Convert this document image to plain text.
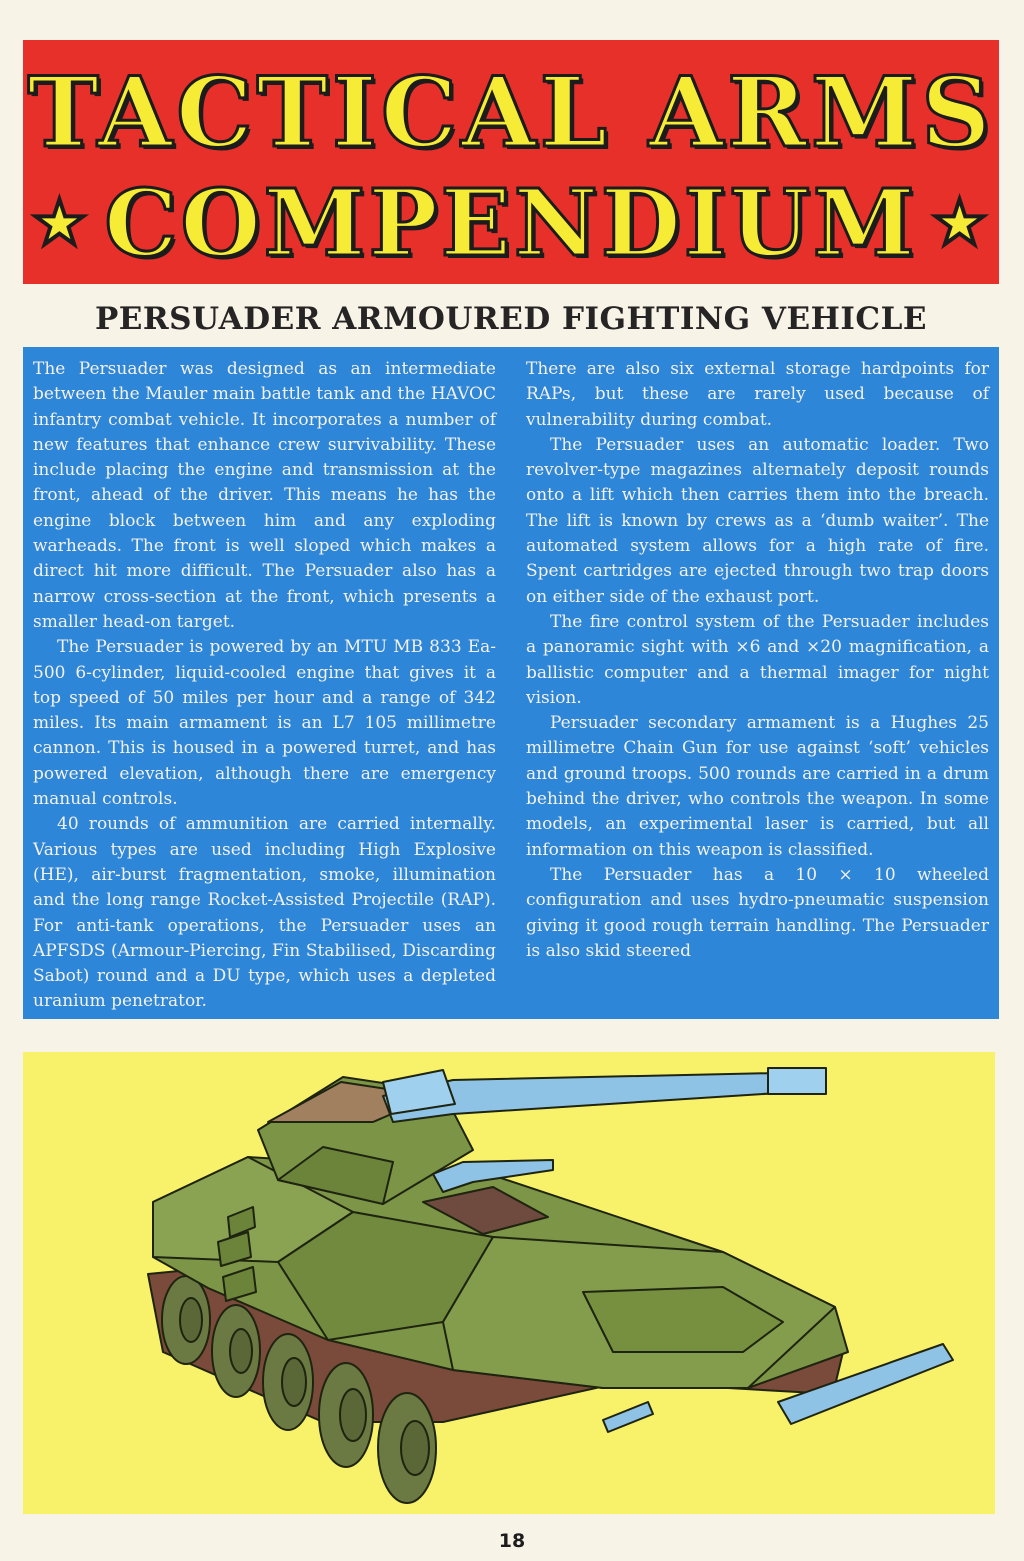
TACTICAL ARMS
★ COMPENDIUM ★
PERSUADER ARMOURED FIGHTING VEHICLE

The Persuader was designed as an intermediate between the Mauler main battle tank and the HAVOC infantry combat vehicle. It incorporates a number of new features that enhance crew survivability. These include placing the engine and transmission at the front, ahead of the driver. This means he has the engine block between him and any exploding warheads. The front is well sloped which makes a direct hit more difficult. The Persuader also has a narrow cross-section at the front, which presents a smaller head-on target.

The Persuader is powered by an MTU MB 833 Ea-500 6-cylinder, liquid-cooled engine that gives it a top speed of 50 miles per hour and a range of 342 miles. Its main armament is an L7 105 millimetre cannon. This is housed in a powered turret, and has powered elevation, although there are emergency manual controls.

40 rounds of ammunition are carried internally. Various types are used including High Explosive (HE), air-burst fragmentation, smoke, illumination and the long range Rocket-Assisted Projectile (RAP). For anti-tank operations, the Persuader uses an APFSDS (Armour-Piercing, Fin Stabilised, Discarding Sabot) round and a DU type, which uses a depleted uranium penetrator.

There are also six external storage hardpoints for RAPs, but these are rarely used because of vulnerability during combat.

The Persuader uses an automatic loader. Two revolver-type magazines alternately deposit rounds onto a lift which then carries them into the breach. The lift is known by crews as a ‘dumb waiter’. The automated system allows for a high rate of fire. Spent cartridges are ejected through two trap doors on either side of the exhaust port.

The fire control system of the Persuader includes a panoramic sight with ×6 and ×20 magnification, a ballistic computer and a thermal imager for night vision.

Persuader secondary armament is a Hughes 25 millimetre Chain Gun for use against ‘soft’ vehicles and ground troops. 500 rounds are carried in a drum behind the driver, who controls the weapon. In some models, an experimental laser is carried, but all information on this weapon is classified.

The Persuader has a 10 × 10 wheeled configuration and uses hydro-pneumatic suspension giving it good rough terrain handling. The Persuader is also skid steered

18
